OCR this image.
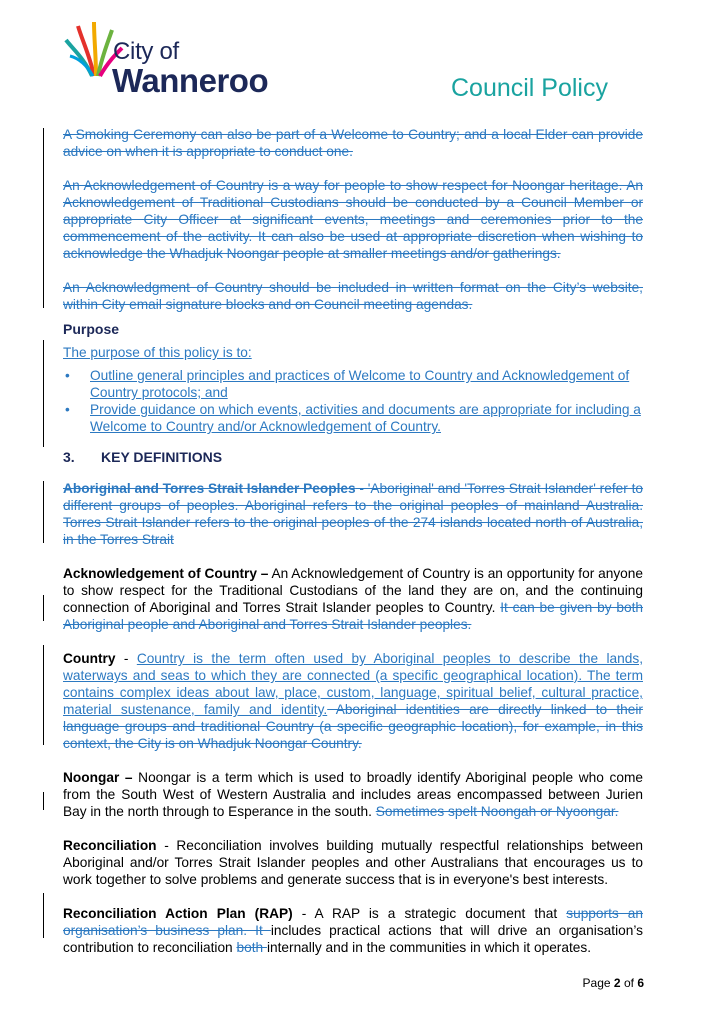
City of
Wanneroo	Council Policy

A Smoking Ceremony can also be part of a Welcome to Country; and a local Elder can provide advice on when it is appropriate to conduct one.

An Acknowledgement of Country is a way for people to show respect for Noongar heritage. An Acknowledgement of Traditional Custodians should be conducted by a Council Member or appropriate City Officer at significant events, meetings and ceremonies prior to the commencement of the activity. It can also be used at appropriate discretion when wishing to acknowledge the Whadjuk Noongar people at smaller meetings and/or gatherings.

An Acknowledgment of Country should be included in written format on the City’s website, within City email signature blocks and on Council meeting agendas.

Purpose

The purpose of this policy is to:

• Outline general principles and practices of Welcome to Country and Acknowledgement of Country protocols; and
• Provide guidance on which events, activities and documents are appropriate for including a Welcome to Country and/or Acknowledgement of Country.
3. KEY DEFINITIONS

Aboriginal and Torres Strait Islander Peoples - 'Aboriginal' and 'Torres Strait Islander' refer to different groups of peoples. Aboriginal refers to the original peoples of mainland Australia. Torres Strait Islander refers to the original peoples of the 274 islands located north of Australia, in the Torres Strait

Acknowledgement of Country – An Acknowledgement of Country is an opportunity for anyone to show respect for the Traditional Custodians of the land they are on, and the continuing connection of Aboriginal and Torres Strait Islander peoples to Country. It can be given by both Aboriginal people and Aboriginal and Torres Strait Islander peoples.

Country - Country is the term often used by Aboriginal peoples to describe the lands, waterways and seas to which they are connected (a specific geographical location). The term contains complex ideas about law, place, custom, language, spiritual belief, cultural practice, material sustenance, family and identity. Aboriginal identities are directly linked to their language groups and traditional Country (a specific geographic location), for example, in this context, the City is on Whadjuk Noongar Country.

Noongar – Noongar is a term which is used to broadly identify Aboriginal people who come from the South West of Western Australia and includes areas encompassed between Jurien Bay in the north through to Esperance in the south. Sometimes spelt Noongah or Nyoongar.

Reconciliation - Reconciliation involves building mutually respectful relationships between Aboriginal and/or Torres Strait Islander peoples and other Australians that encourages us to work together to solve problems and generate success that is in everyone's best interests.

Reconciliation Action Plan (RAP) - A RAP is a strategic document that supports an organisation’s business plan. It includes practical actions that will drive an organisation’s contribution to reconciliation both internally and in the communities in which it operates.

Page 2 of 6
